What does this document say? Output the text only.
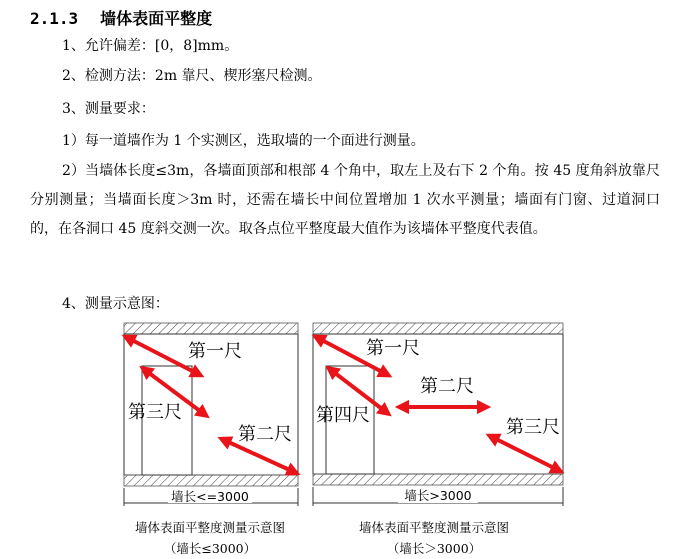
2.1.3 墙体表面平整度
1、允许偏差：[0，8]mm。
2、检测方法：2m 靠尺、楔形塞尺检测。
3、测量要求：
1）每一道墙作为 1 个实测区，选取墙的一个面进行测量。
2）当墙体长度≤3m，各墙面顶部和根部 4 个角中，取左上及右下 2 个角。按 45 度角斜放靠尺分别测量；当墙面长度＞3m 时，还需在墙长中间位置增加 1 次水平测量；墙面有门窗、过道洞口的，在各洞口 45 度斜交测一次。取各点位平整度最大值作为该墙体平整度代表值。
4、测量示意图：
第一尺
第三尺
第二尺
墙长<=3000
第一尺
第四尺
第二尺
第三尺
墙长>3000
墙体表面平整度测量示意图
（墙长≤3000）
墙体表面平整度测量示意图
（墙长＞3000）
